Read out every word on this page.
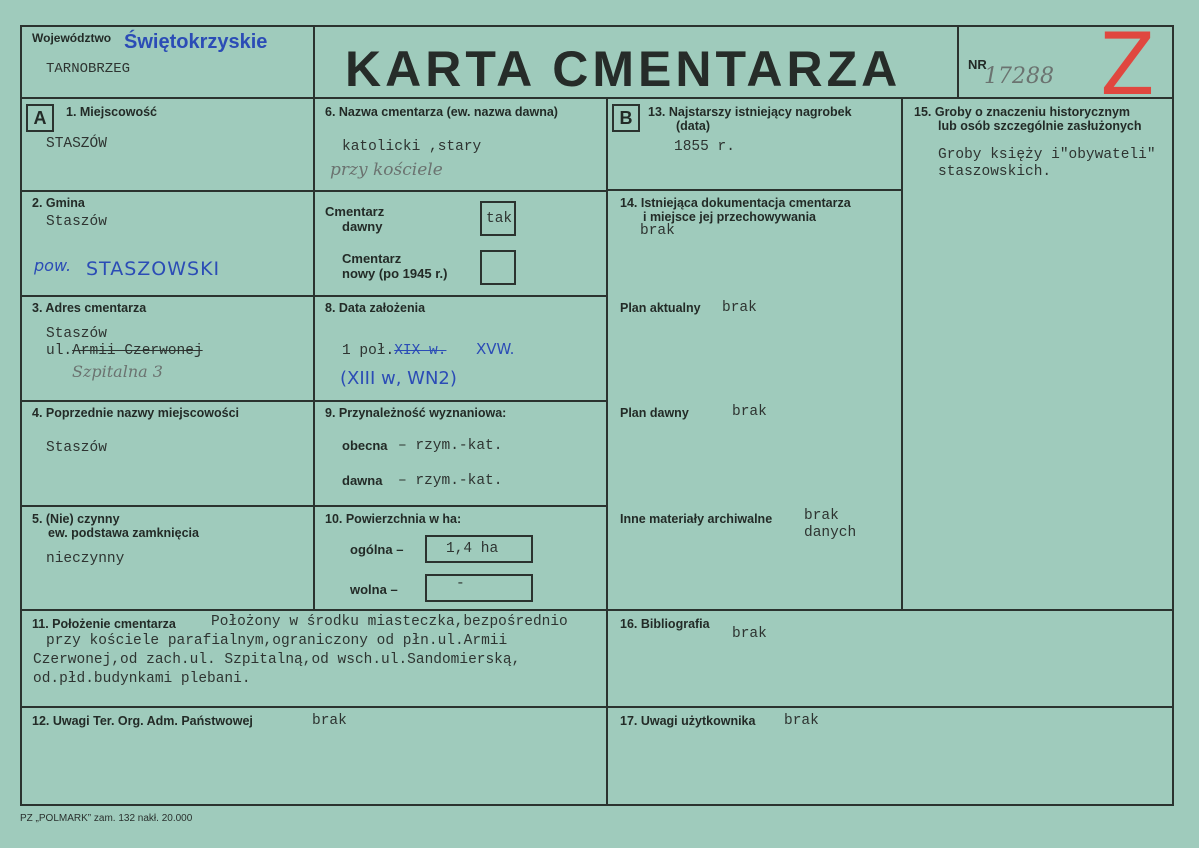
Województwo Świętokrzyskie
TARNOBRZEG	KARTA CMENTARZA	NR
17288 Z
A	B
1. Miejscowość
STASZÓW
2. Gmina
Staszów
pow. STASZOWSKI
3. Adres cmentarza
Staszów
ul.Armii Czerwonej
Szpitalna 3
4. Poprzednie nazwy miejscowości
Staszów
5. (Nie) czynny
ew. podstawa zamknięcia
nieczynny
6. Nazwa cmentarza (ew. nazwa dawna)
katolicki ,stary
przy kościele
Cmentarz
dawny	tak
Cmentarz
nowy (po 1945 r.)
8. Data założenia
1 poł.XIX w. XVW.
(XIII w, WN2)
9. Przynależność wyznaniowa:
obecna – rzym.-kat.
dawna – rzym.-kat.
10. Powierzchnia w ha:
ogólna –	1,4 ha
wolna –	-
13. Najstarszy istniejący nagrobek
(data)
1855 r.
14. Istniejąca dokumentacja cmentarza
i miejsce jej przechowywania
brak
Plan aktualny brak
Plan dawny	brak
Inne materiały archiwalne brak
danych
15. Groby o znaczeniu historycznym
lub osób szczególnie zasłużonych
Groby księży i"obywateli"
staszowskich.
11. Położenie cmentarza Położony w środku miasteczka,bezpośrednio
przy kościele parafialnym,ograniczony od płn.ul.Armii
Czerwonej,od zach.ul. Szpitalną,od wsch.ul.Sandomierską,
od.płd.budynkami plebani.
16. Bibliografia
brak
12. Uwagi Ter. Org. Adm. Państwowej	brak	17. Uwagi użytkownika brak
PZ „POLMARK” zam. 132 nakł. 20.000
